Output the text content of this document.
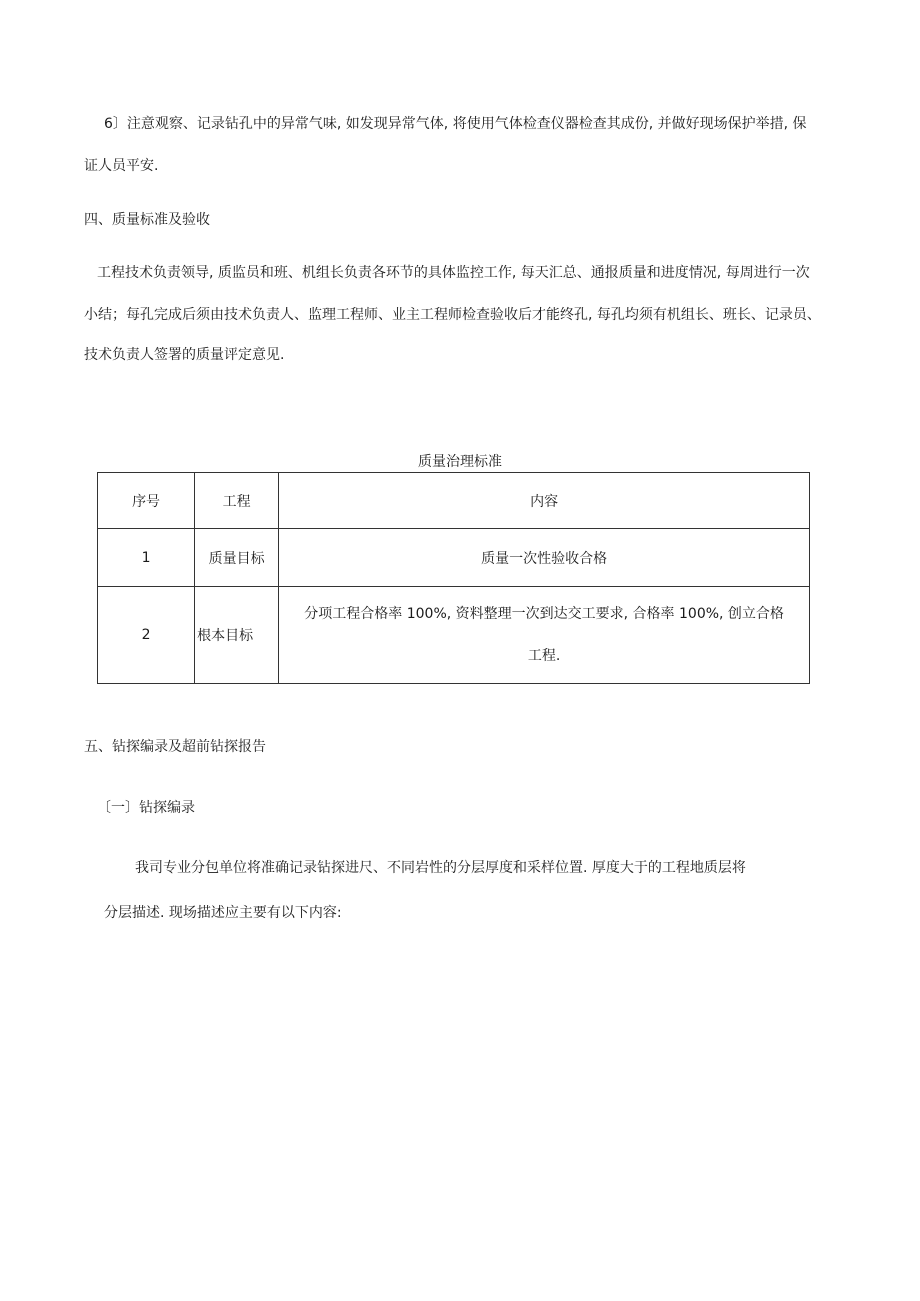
6〕注意观察、记录钻孔中的异常气味, 如发现异常气体, 将使用气体检查仪器检查其成份, 并做好现场保护举措, 保
证人员平安.
四、质量标准及验收
工程技术负责领导, 质监员和班、机组长负责各环节的具体监控工作, 每天汇总、通报质量和进度情况, 每周进行一次
小结；每孔完成后须由技术负责人、监理工程师、业主工程师检查验收后才能终孔, 每孔均须有机组长、班长、记录员、
技术负责人签署的质量评定意见.
质量治理标准
序号	工程	内容
1	质量目标	质量一次性验收合格
2	根本目标	分项工程合格率 100%, 资料整理一次到达交工要求, 合格率 100%, 创立合格
工程.
五、钻探编录及超前钻探报告
〔一〕钻探编录
我司专业分包单位将准确记录钻探进尺、不同岩性的分层厚度和采样位置. 厚度大于的工程地质层将
分层描述. 现场描述应主要有以下内容:
